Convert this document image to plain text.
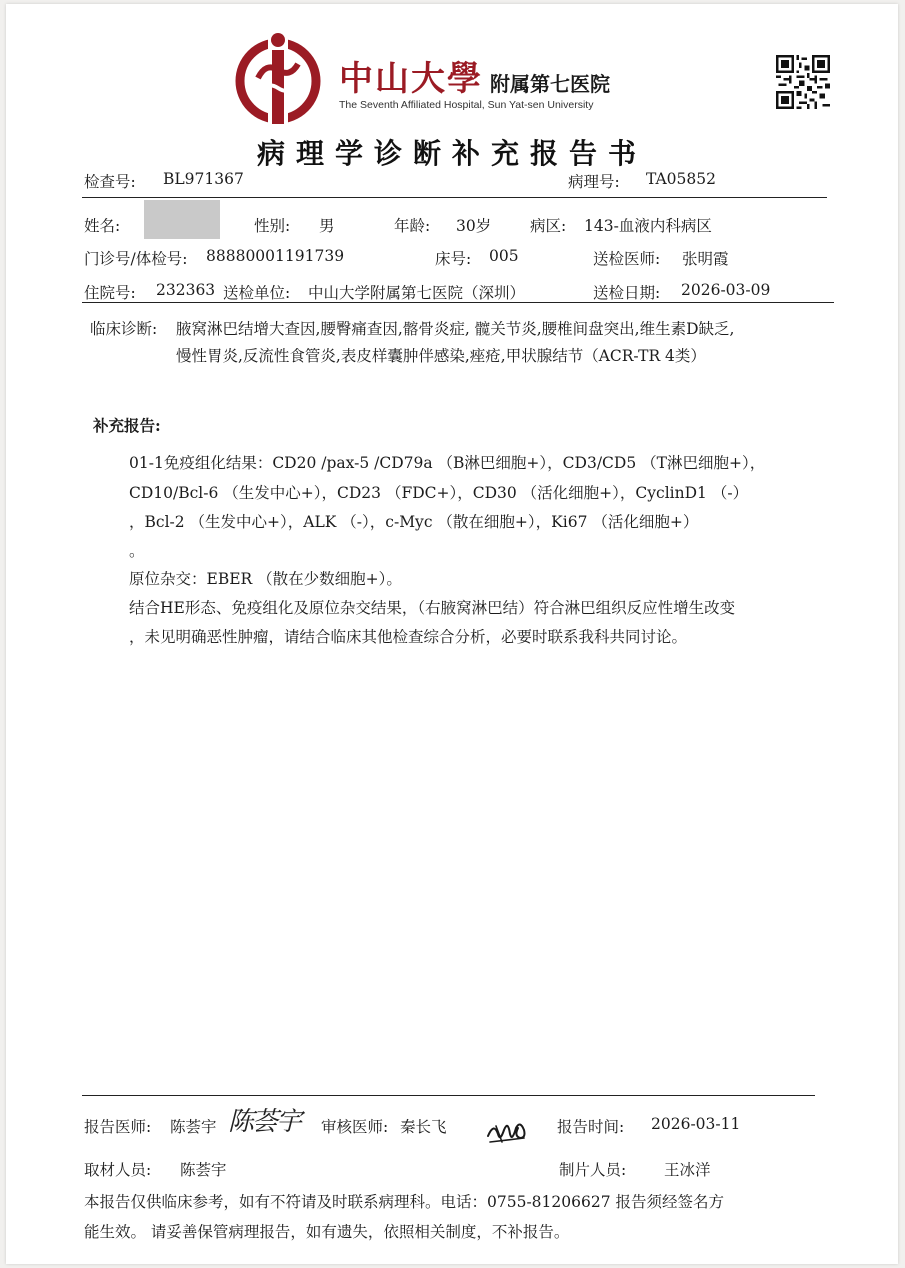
中山大學 附属第七医院
The Seventh Affiliated Hospital, Sun Yat-sen University
病理学诊断补充报告书
检查号: BL971367	病理号: TA05852
姓名:	性别: 男	年龄: 30岁	病区: 143-血液内科病区
门诊号/体检号: 88880001191739	床号: 005	送检医师: 张明霞
住院号: 232363 送检单位: 中山大学附属第七医院（深圳）	送检日期: 2026-03-09
临床诊断: 腋窝淋巴结增大查因,腰臀痛查因,髂骨炎症, 髋关节炎,腰椎间盘突出,维生素D缺乏,
慢性胃炎,反流性食管炎,表皮样囊肿伴感染,痤疮,甲状腺结节（ACR-TR 4类）
补充报告:
01-1免疫组化结果：CD20 /pax-5 /CD79a （B淋巴细胞+），CD3/CD5 （T淋巴细胞+），
CD10/Bcl-6 （生发中心+），CD23 （FDC+），CD30 （活化细胞+），CyclinD1 （-）
，Bcl-2 （生发中心+），ALK （-），c-Myc （散在细胞+），Ki67 （活化细胞+）
。
原位杂交：EBER （散在少数细胞+）。
结合HE形态、免疫组化及原位杂交结果，（右腋窝淋巴结）符合淋巴组织反应性增生改变
，未见明确恶性肿瘤，请结合临床其他检查综合分析，必要时联系我科共同讨论。
报告医师: 陈荟宇 陈荟宇 审核医师: 秦长飞	报告时间: 2026-03-11
取材人员: 陈荟宇	制片人员: 王冰洋
本报告仅供临床参考，如有不符请及时联系病理科。电话：0755-81206627 报告须经签名方
能生效。 请妥善保管病理报告，如有遗失，依照相关制度，不补报告。
